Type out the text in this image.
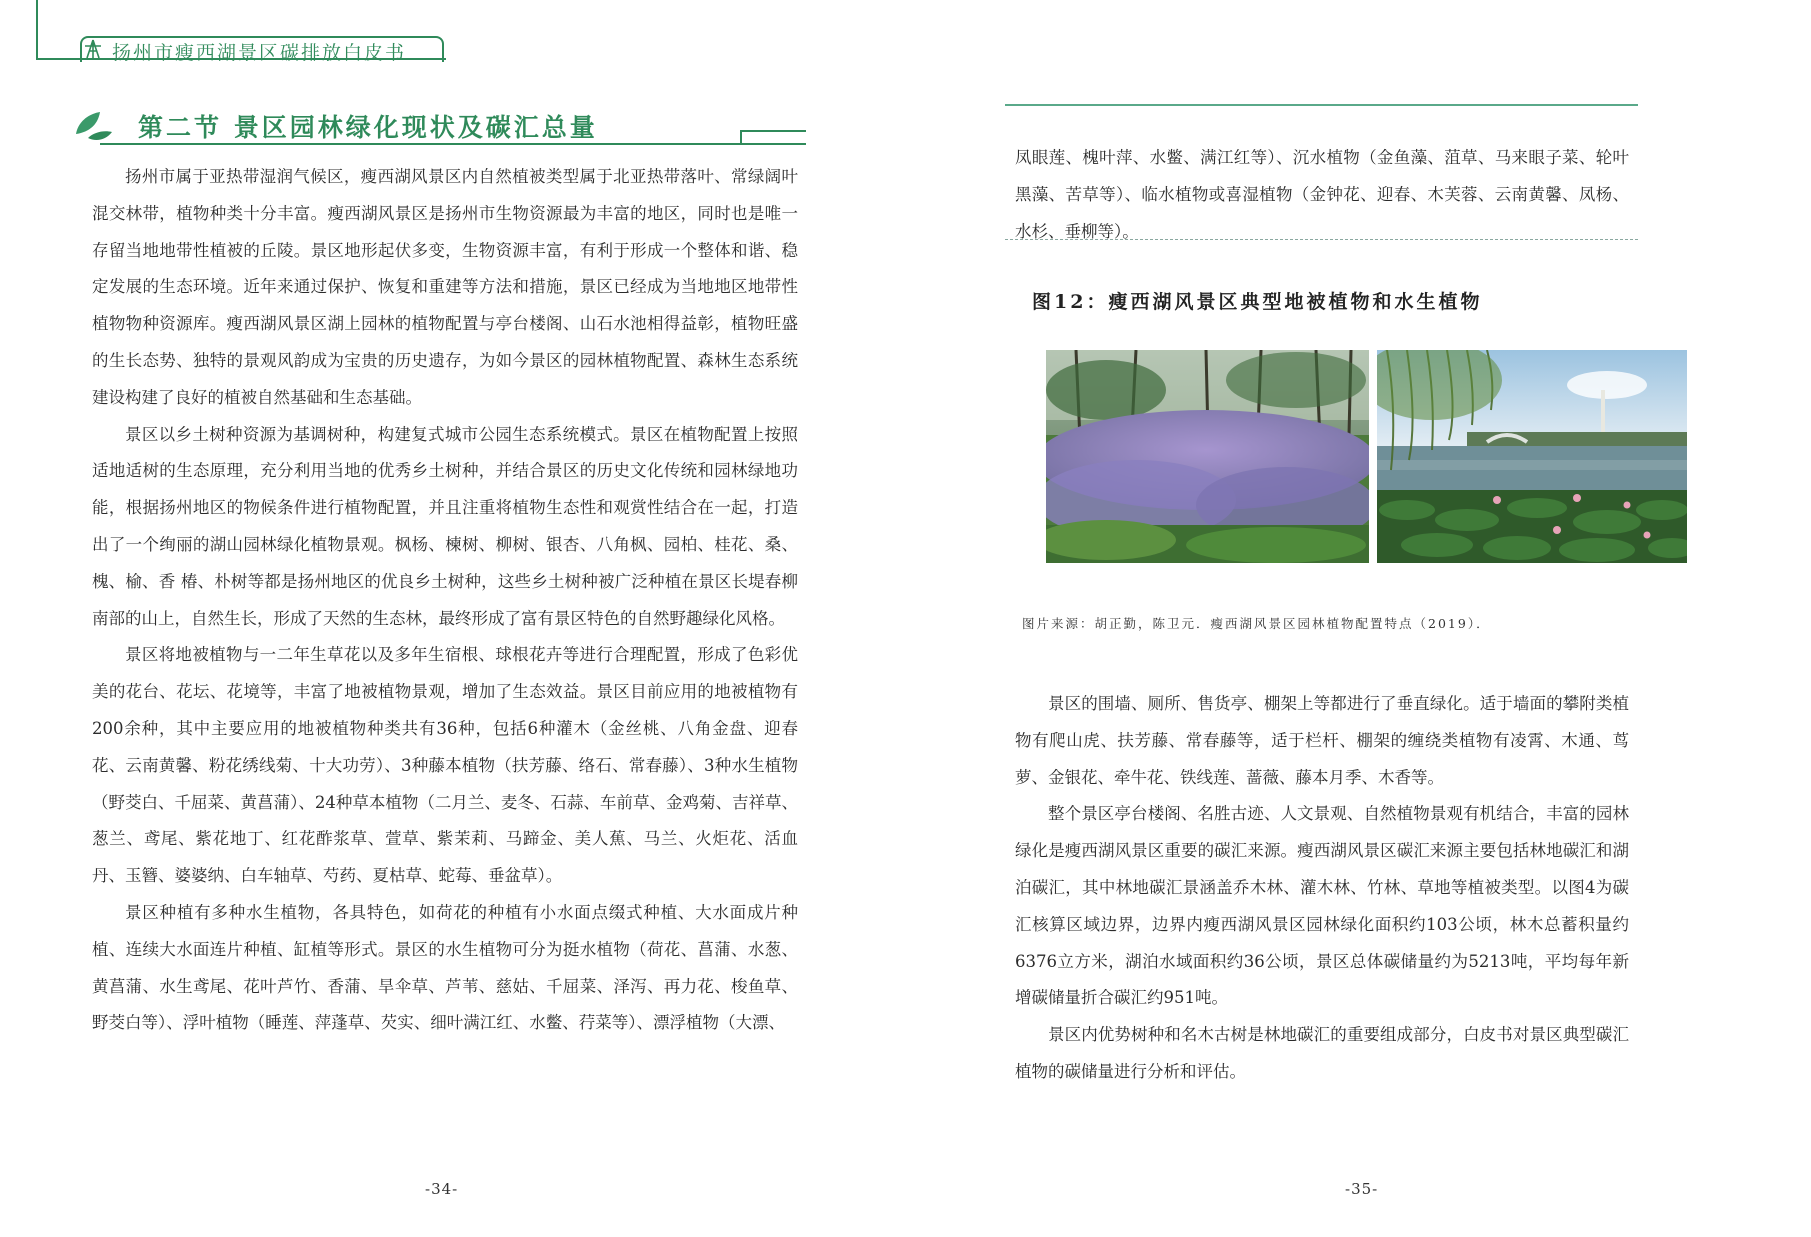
扬州市瘦西湖景区碳排放白皮书
第二节 景区园林绿化现状及碳汇总量

扬州市属于亚热带湿润气候区，瘦西湖风景区内自然植被类型属于北亚热带落叶、常绿阔叶混交林带，植物种类十分丰富。瘦西湖风景区是扬州市生物资源最为丰富的地区，同时也是唯一存留当地地带性植被的丘陵。景区地形起伏多变，生物资源丰富，有利于形成一个整体和谐、稳定发展的生态环境。近年来通过保护、恢复和重建等方法和措施，景区已经成为当地地区地带性植物物种资源库。瘦西湖风景区湖上园林的植物配置与亭台楼阁、山石水池相得益彰，植物旺盛的生长态势、独特的景观风韵成为宝贵的历史遗存，为如今景区的园林植物配置、森林生态系统建设构建了良好的植被自然基础和生态基础。

景区以乡土树种资源为基调树种，构建复式城市公园生态系统模式。景区在植物配置上按照适地适树的生态原理，充分利用当地的优秀乡土树种，并结合景区的历史文化传统和园林绿地功能，根据扬州地区的物候条件进行植物配置，并且注重将植物生态性和观赏性结合在一起，打造出了一个绚丽的湖山园林绿化植物景观。枫杨、楝树、柳树、银杏、八角枫、园柏、桂花、桑、槐、榆、香 椿、朴树等都是扬州地区的优良乡土树种，这些乡土树种被广泛种植在景区长堤春柳南部的山上，自然生长，形成了天然的生态林，最终形成了富有景区特色的自然野趣绿化风格。

景区将地被植物与一二年生草花以及多年生宿根、球根花卉等进行合理配置，形成了色彩优美的花台、花坛、花境等，丰富了地被植物景观，增加了生态效益。景区目前应用的地被植物有200余种，其中主要应用的地被植物种类共有36种，包括6种灌木（金丝桃、八角金盘、迎春花、云南黄馨、粉花绣线菊、十大功劳）、3种藤本植物（扶芳藤、络石、常春藤）、3种水生植物（野茭白、千屈菜、黄菖蒲）、24种草本植物（二月兰、麦冬、石蒜、车前草、金鸡菊、吉祥草、葱兰、鸢尾、紫花地丁、红花酢浆草、萱草、紫茉莉、马蹄金、美人蕉、马兰、火炬花、活血丹、玉簪、婆婆纳、白车轴草、芍药、夏枯草、蛇莓、垂盆草）。

景区种植有多种水生植物，各具特色，如荷花的种植有小水面点缀式种植、大水面成片种植、连续大水面连片种植、缸植等形式。景区的水生植物可分为挺水植物（荷花、菖蒲、水葱、黄菖蒲、水生鸢尾、花叶芦竹、香蒲、旱伞草、芦苇、慈姑、千屈菜、泽泻、再力花、梭鱼草、野茭白等）、浮叶植物（睡莲、萍蓬草、芡实、细叶满江红、水鳖、荇菜等）、漂浮植物（大漂、

-34-

凤眼莲、槐叶萍、水鳖、满江红等）、沉水植物（金鱼藻、菹草、马来眼子菜、轮叶黑藻、苦草等）、临水植物或喜湿植物（金钟花、迎春、木芙蓉、云南黄馨、凤杨、水杉、垂柳等）。

图12：瘦西湖风景区典型地被植物和水生植物
图片来源：胡正勤，陈卫元．瘦西湖风景区园林植物配置特点（2019）．

景区的围墙、厕所、售货亭、棚架上等都进行了垂直绿化。适于墙面的攀附类植物有爬山虎、扶芳藤、常春藤等，适于栏杆、棚架的缠绕类植物有凌霄、木通、茑萝、金银花、牵牛花、铁线莲、蔷薇、藤本月季、木香等。

整个景区亭台楼阁、名胜古迹、人文景观、自然植物景观有机结合，丰富的园林绿化是瘦西湖风景区重要的碳汇来源。瘦西湖风景区碳汇来源主要包括林地碳汇和湖泊碳汇，其中林地碳汇景涵盖乔木林、灌木林、竹林、草地等植被类型。以图4为碳汇核算区域边界，边界内瘦西湖风景区园林绿化面积约103公顷，林木总蓄积量约6376立方米，湖泊水域面积约36公顷，景区总体碳储量约为5213吨，平均每年新增碳储量折合碳汇约951吨。

景区内优势树种和名木古树是林地碳汇的重要组成部分，白皮书对景区典型碳汇植物的碳储量进行分析和评估。

-35-
